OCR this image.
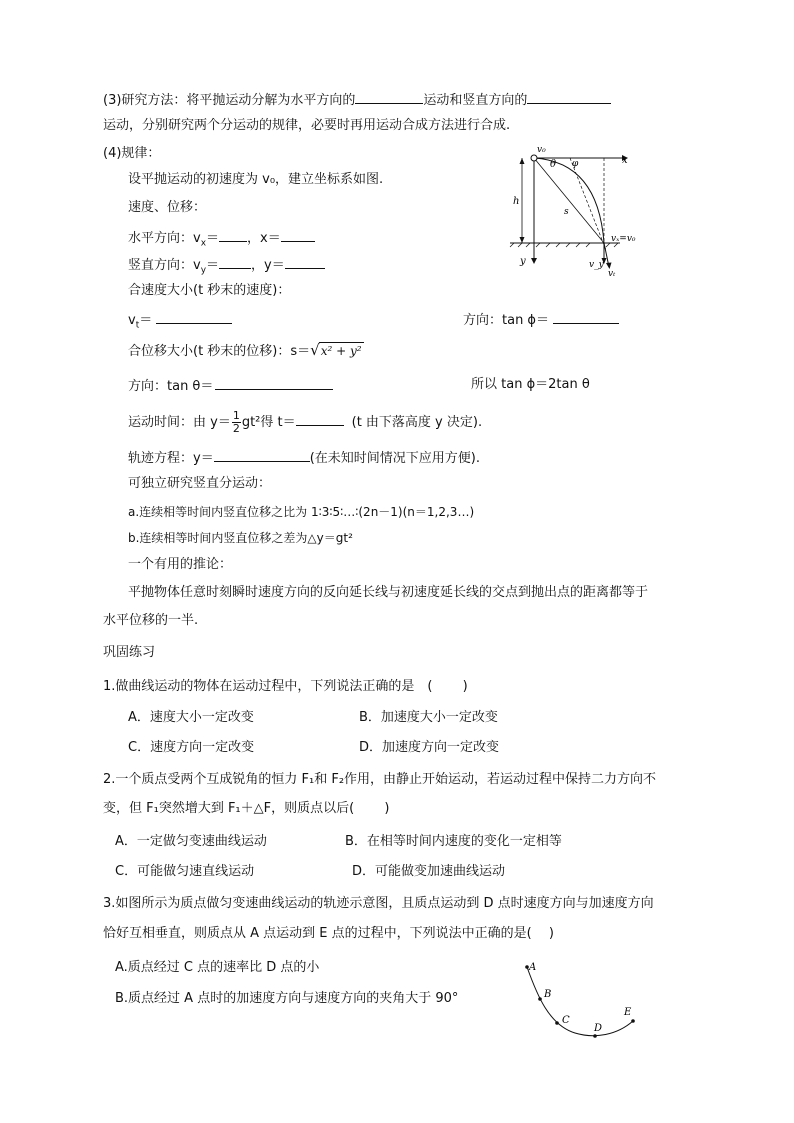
(3)研究方法：将平抛运动分解为水平方向的	运动和竖直方向的
运动，分别研究两个分运动的规律，必要时再用运动合成方法进行合成.
(4)规律：
设平抛运动的初速度为 v₀，建立坐标系如图.
速度、位移：
水平方向：$v_x=$ ，x＝
竖直方向：$v_y=$ ，y＝
合速度大小(t 秒末的速度)：
$v_t=$	方向：tan ϕ＝
合位移大小(t 秒末的位移)：s＝√x² + y²
方向：tan θ＝	所以 tan ϕ＝2tan θ
运动时间：由 $y= \frac{1}{2} gt^2$得 t＝	(t 由下落高度 y 决定).
轨迹方程：y＝	(在未知时间情况下应用方便).
可独立研究竖直分运动：
a.连续相等时间内竖直位移之比为 1∶3∶5∶…∶(2n－1)(n＝1,2,3…)
b.连续相等时间内竖直位移之差为△y＝gt²
一个有用的推论：
平抛物体任意时刻瞬时速度方向的反向延长线与初速度延长线的交点到抛出点的距离都等于
水平位移的一半.
v₀
θ φ	x
h
s
y
vₓ=v₀
v_y
vₜ
巩固练习
1.做曲线运动的物体在运动过程中，下列说法正确的是　(　　 )
A．速度大小一定改变	B．加速度大小一定改变
C．速度方向一定改变	D．加速度方向一定改变
2.一个质点受两个互成锐角的恒力 F₁和 F₂作用，由静止开始运动，若运动过程中保持二力方向不
变，但 F₁突然增大到 F₁＋△F，则质点以后(　　 )
A．一定做匀变速曲线运动	B．在相等时间内速度的变化一定相等
C．可能做匀速直线运动	D．可能做变加速曲线运动
3.如图所示为质点做匀变速曲线运动的轨迹示意图，且质点运动到 D 点时速度方向与加速度方向
恰好互相垂直，则质点从 A 点运动到 E 点的过程中，下列说法中正确的是(　 )
A.质点经过 C 点的速率比 D 点的小
B.质点经过 A 点时的加速度方向与速度方向的夹角大于 90°
A
B
C
D
E
